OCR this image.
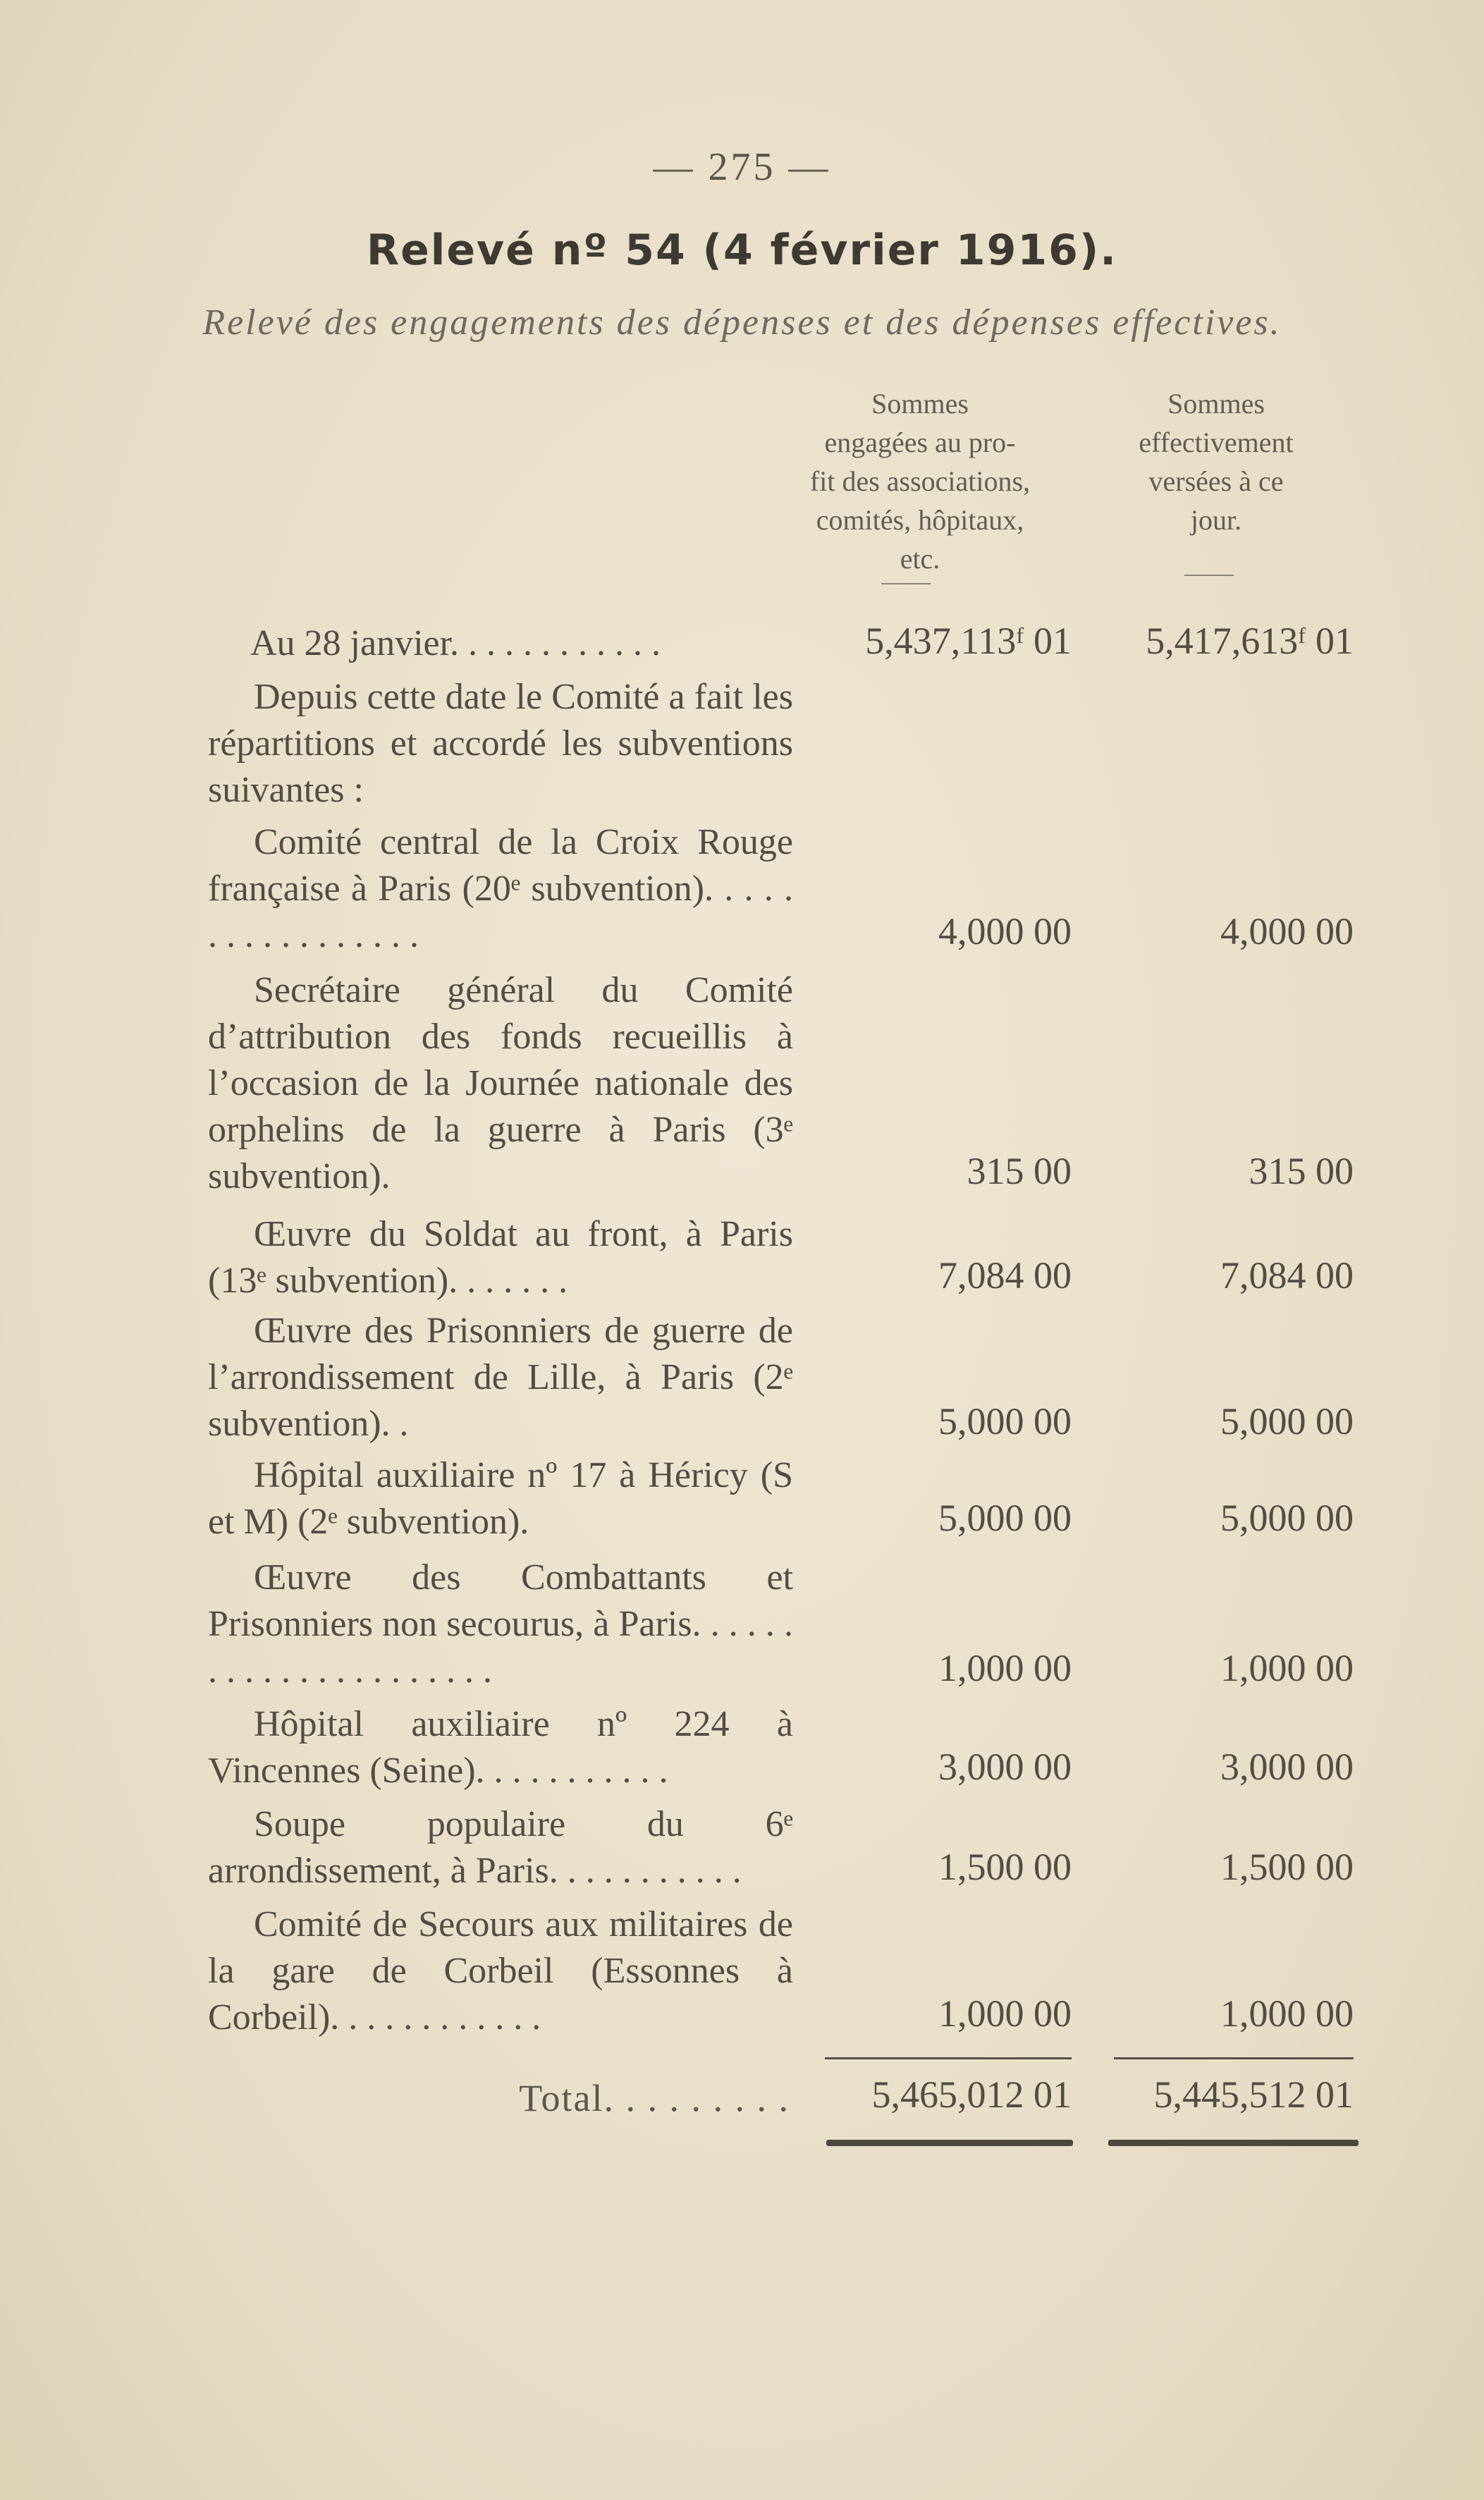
— 275 —
Relevé nº 54 (4 février 1916).
Relevé des engagements des dépenses et des dépenses effectives.
Sommes
engagées au pro-
fit des associations,
comités, hôpitaux,
etc.
Sommes
effectivement
versées à ce
jour.
Au 28 janvier. . . . . . . . . . . .	5,437,113ᶠ 01	5,417,613ᶠ 01
Depuis cette date le Comité a fait les répartitions et accordé les subventions suivantes :
Comité central de la Croix Rouge française à Paris (20ᵉ subvention). . . . . . . . . . . . . . . . .	4,000 00	4,000 00
Secrétaire général du Comité d’attribution des fonds recueillis à l’occasion de la Journée nationale des orphelins de la guerre à Paris (3ᵉ subvention).	315 00	315 00
Œuvre du Soldat au front, à Paris (13ᵉ subvention). . . . . . .	7,084 00	7,084 00
Œuvre des Prisonniers de guerre de l’arrondissement de Lille, à Paris (2ᵉ subvention). .	5,000 00	5,000 00
Hôpital auxiliaire nº 17 à Héricy (S et M) (2ᵉ subvention).	5,000 00	5,000 00
Œuvre des Combattants et Prisonniers non secourus, à Paris. . . . . . . . . . . . . . . . . . . . . .	1,000 00	1,000 00
Hôpital auxiliaire nº 224 à Vincennes (Seine). . . . . . . . . . .	3,000 00	3,000 00
Soupe populaire du 6ᵉ arrondissement, à Paris. . . . . . . . . . .	1,500 00	1,500 00
Comité de Secours aux militaires de la gare de Corbeil (Essonnes à Corbeil). . . . . . . . . . . .	1,000 00	1,000 00
Total. . . . . . . . .	5,465,012 01	5,445,512 01
